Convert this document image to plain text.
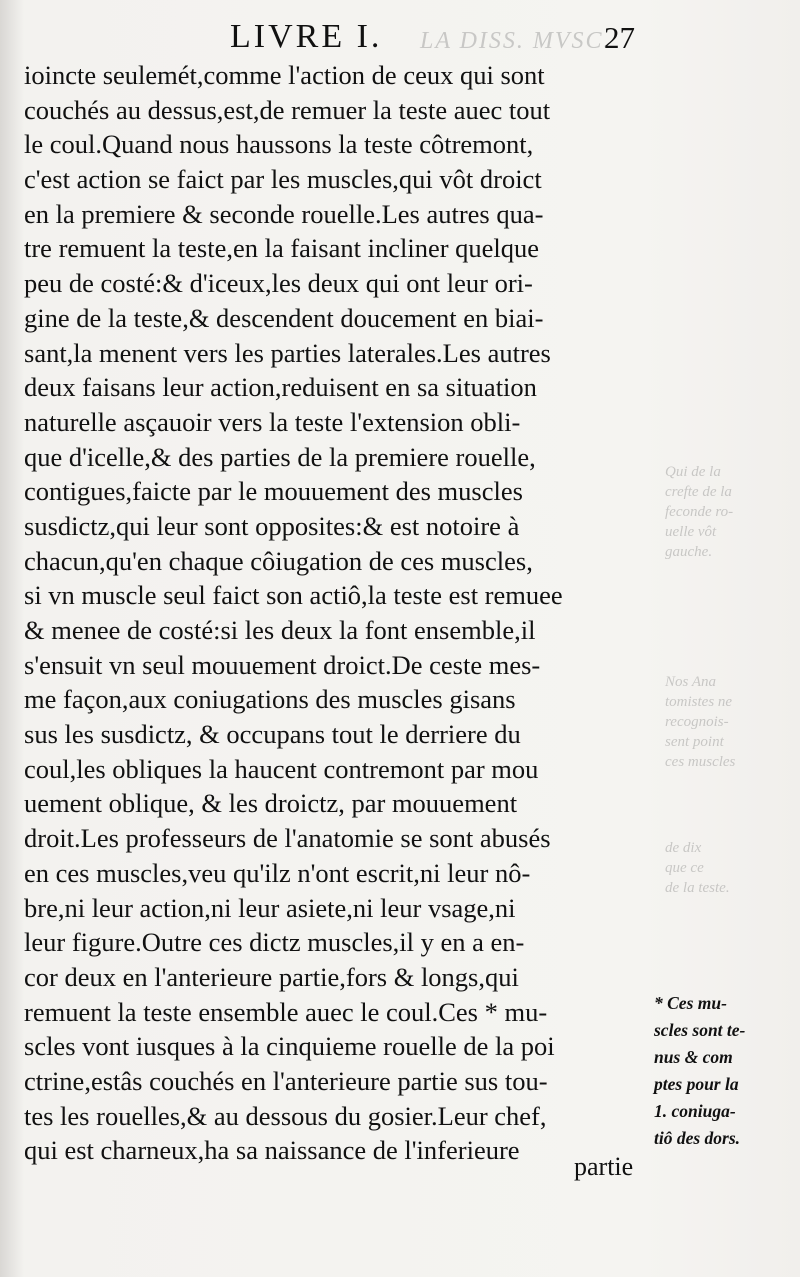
LA DISS. MVSC.
Qui de la
crefte de la
feconde ro-
uelle vôt
gauche.
Nos Ana
tomistes ne
recognois-
sent point
ces muscles
de dix
que ce
de la teste.
LIVRE I.	27
ioincte seulemét,comme l'action de ceux qui sont
couchés au dessus,est,de remuer la teste auec tout
le coul.Quand nous haussons la teste côtremont,
c'est action se faict par les muscles,qui vôt droict
en la premiere & seconde rouelle.Les autres qua-
tre remuent la teste,en la faisant incliner quelque
peu de costé:& d'iceux,les deux qui ont leur ori-
gine de la teste,& descendent doucement en biai-
sant,la menent vers les parties laterales.Les autres
deux faisans leur action,reduisent en sa situation
naturelle asçauoir vers la teste l'extension obli-
que d'icelle,& des parties de la premiere rouelle,
contigues,faicte par le mouuement des muscles
susdictz,qui leur sont opposites:& est notoire à
chacun,qu'en chaque côiugation de ces muscles,
si vn muscle seul faict son actiô,la teste est remuee
& menee de costé:si les deux la font ensemble,il
s'ensuit vn seul mouuement droict.De ceste mes-
me façon,aux coniugations des muscles gisans
sus les susdictz, & occupans tout le derriere du
coul,les obliques la haucent contremont par mou
uement oblique, & les droictz, par mouuement
droit.Les professeurs de l'anatomie se sont abusés
en ces muscles,veu qu'ilz n'ont escrit,ni leur nô-
bre,ni leur action,ni leur asiete,ni leur vsage,ni
leur figure.Outre ces dictz muscles,il y en a en-
cor deux en l'anterieure partie,fors & longs,qui
remuent la teste ensemble auec le coul.Ces * mu-
scles vont iusques à la cinquieme rouelle de la poi
ctrine,estâs couchés en l'anterieure partie sus tou-
tes les rouelles,& au dessous du gosier.Leur chef,
qui est charneux,ha sa naissance de l'inferieure
* Ces mu-
scles sont te-
nus & com
ptes pour la
1. coniuga-
tiô des dors.
partie
